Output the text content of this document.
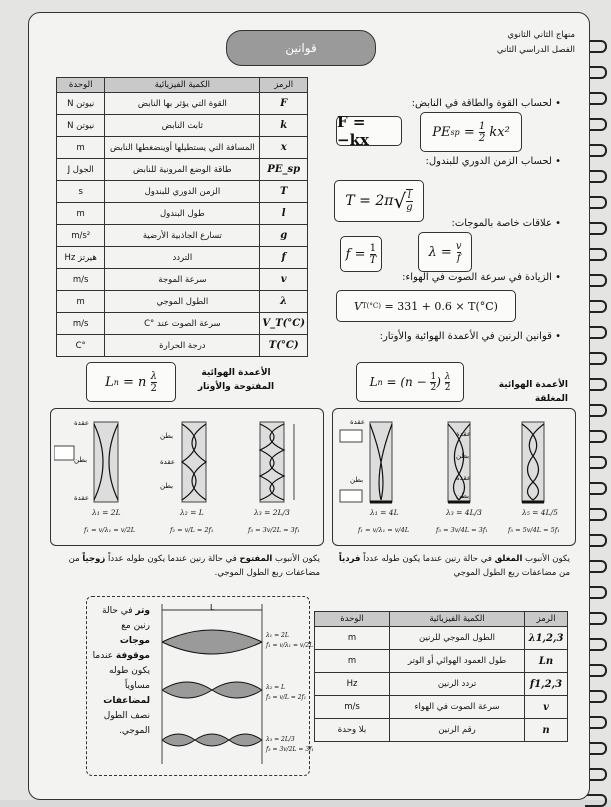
قوانين
منهاج الثاني الثانوي
الفصل الدراسي الثاني
الرمز	الكمية الفيزيائية	الوحدة
F	القوة التي يؤثر بها النابض	نيوتن N
k	ثابت النابض	نيوتن N
x	المسافة التي يستطيلها أوينضغطها النابض	m
PE_sp	طاقة الوضع المرونية للنابض	الجول J
T	الزمن الدوري للبندول	s
l	طول البندول	m
g	تسارع الجاذبية الأرضية	m/s²
f	التردد	هيرتز Hz
v	سرعة الموجة	m/s
λ	الطول الموجي	m
V_T(°C)	سرعة الصوت عند °C	m/s
T(°C)	درجة الحرارة	°C
• لحساب القوة والطاقة في النابض:
F = −kx	PE sp = 1
2 kx²
• لحساب الزمن الدوري للبندول:
T = 2π √ l
g
• علاقات خاصة بالموجات:
f = 1
T
λ = v
f
• الزيادة في سرعة الصوت في الهواء:
V T(°C) = 331 + 0.6 × T(°C)
• قوانين الرنين في الأعمدة الهوائية والأوتار:
الأعمدة الهوائية المفتوحة والأوتار
L n = n λ
2	L n = (n − 1
2 ) λ
2	الأعمدة الهوائية المغلقة
عقدة
بطن
عقدة
بطن
عقدة
بطن
λ₁ = 2L	λ₂ = L	λ₃ = 2L/3
f₁ = v/λ₁ = v/2L	f₂ = v/L = 2f₁	f₃ = 3v/2L = 3f₁
يكون الأنبوب المفتوح في حالة رنين عندما يكون طوله عدداً زوجياً من مضاعفات ربع الطول الموجي.
عقدة
بطن
عقدة
بطن
عقدة
بطن
λ₁ = 4L	λ₃ = 4L/3	λ₅ = 4L/5
f₁ = v/λ₁ = v/4L	f₃ = 3v/4L = 3f₁	f₅ = 5v/4L = 5f₁
يكون الأنبوب المغلق في حالة رنين عندما يكون طوله عدداً فردياً من مضاعفات ربع الطول الموجي
L
λ₁ = 2L
f₁ = v/λ₁ = v/2L
λ₂ = L
f₂ = v/L = 2f₁
λ₃ = 2L/3
f₃ = 3v/2L = 3f₁
وتر في حالة رنين مع موجات موقوفة عندما يكون طوله مساوياً لمضاعفات نصف الطول الموجي.
الرمز	الكمية الفيزيائية	الوحدة
λ1,2,3	الطول الموجي للرنين	m
Ln	طول العمود الهوائي أو الوتر	m
f1,2,3	تردد الرنين	Hz
v	سرعة الصوت في الهواء	m/s
n	رقم الرنين	بلا وحدة
